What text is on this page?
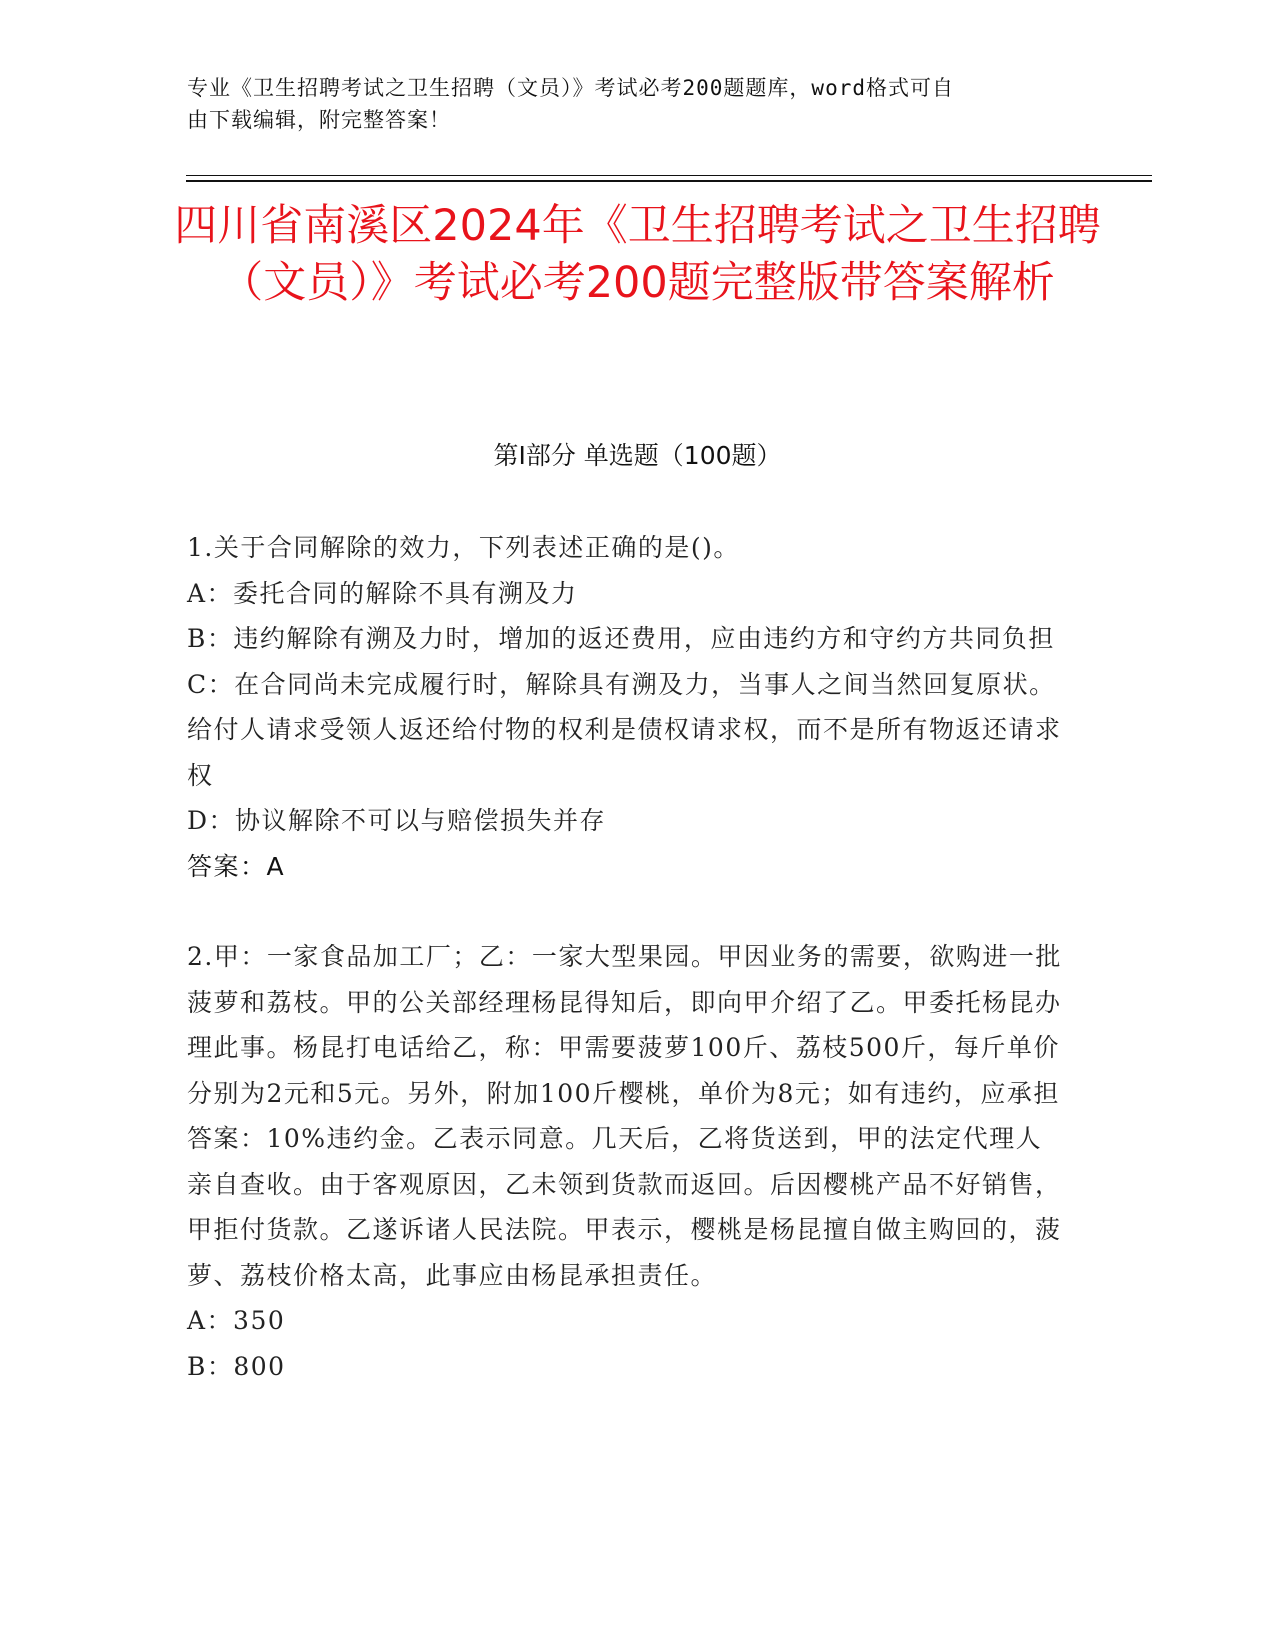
专业《卫生招聘考试之卫生招聘（文员）》考试必考200题题库，word格式可自
由下载编辑，附完整答案！
四川省南溪区2024年《卫生招聘考试之卫生招聘（文员）》考试必考200题完整版带答案解析
第I部分 单选题（100题）

1.关于合同解除的效力，下列表述正确的是()。

A：委托合同的解除不具有溯及力

B：违约解除有溯及力时，增加的返还费用，应由违约方和守约方共同负担

C：在合同尚未完成履行时，解除具有溯及力，当事人之间当然回复原状。给付人请求受领人返还给付物的权利是债权请求权，而不是所有物返还请求权

D：协议解除不可以与赔偿损失并存

答案：A

2.甲：一家食品加工厂；乙：一家大型果园。甲因业务的需要，欲购进一批菠萝和荔枝。甲的公关部经理杨昆得知后，即向甲介绍了乙。甲委托杨昆办理此事。杨昆打电话给乙，称：甲需要菠萝100斤、荔枝500斤，每斤单价分别为2元和5元。另外，附加100斤樱桃，单价为8元；如有违约，应承担答案：10%违约金。乙表示同意。几天后，乙将货送到，甲的法定代理人亲自查收。由于客观原因，乙未领到货款而返回。后因樱桃产品不好销售，甲拒付货款。乙遂诉诸人民法院。甲表示，樱桃是杨昆擅自做主购回的，菠萝、荔枝价格太高，此事应由杨昆承担责任。

A：350

B：800
